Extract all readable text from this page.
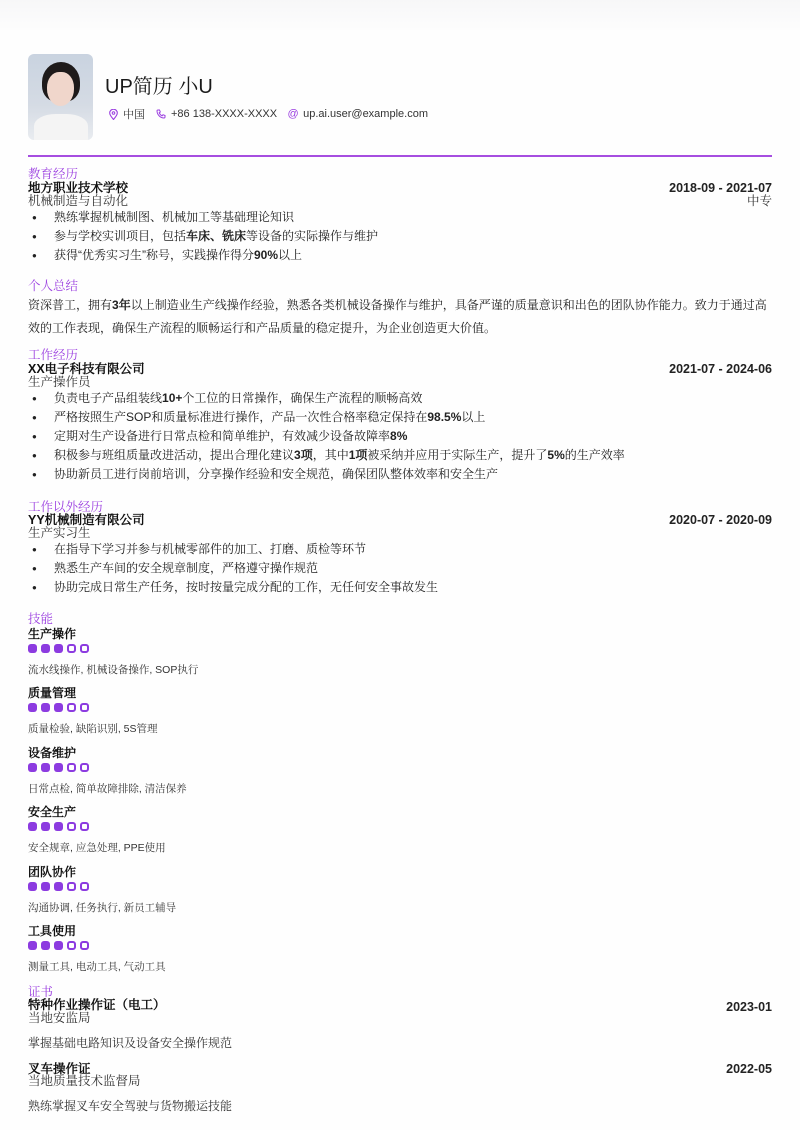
UP简历 小U
中国 +86 138-XXXX-XXXX @ up.ai.user@example.com
教育经历
地方职业技术学校	2018-09 - 2021-07
机械制造与自动化	中专
● 熟练掌握机械制图、机械加工等基础理论知识
● 参与学校实训项目，包括车床、铣床等设备的实际操作与维护
● 获得“优秀实习生”称号，实践操作得分90%以上
个人总结
资深普工，拥有3年以上制造业生产线操作经验，熟悉各类机械设备操作与维护，具备严谨的质量意识和出色的团队协作能力。致力于通过高效的工作表现，确保生产流程的顺畅运行和产品质量的稳定提升，为企业创造更大价值。
工作经历
XX电子科技有限公司	2021-07 - 2024-06
生产操作员
● 负责电子产品组装线10+个工位的日常操作，确保生产流程的顺畅高效
● 严格按照生产SOP和质量标准进行操作，产品一次性合格率稳定保持在98.5%以上
● 定期对生产设备进行日常点检和简单维护，有效减少设备故障率8%
● 积极参与班组质量改进活动，提出合理化建议3项，其中1项被采纳并应用于实际生产，提升了5%的生产效率
● 协助新员工进行岗前培训，分享操作经验和安全规范，确保团队整体效率和安全生产
工作以外经历
YY机械制造有限公司	2020-07 - 2020-09
生产实习生
● 在指导下学习并参与机械零部件的加工、打磨、质检等环节
● 熟悉生产车间的安全规章制度，严格遵守操作规范
● 协助完成日常生产任务，按时按量完成分配的工作，无任何安全事故发生
技能
生产操作
流水线操作, 机械设备操作, SOP执行
质量管理
质量检验, 缺陷识别, 5S管理
设备维护
日常点检, 简单故障排除, 清洁保养
安全生产
安全规章, 应急处理, PPE使用
团队协作
沟通协调, 任务执行, 新员工辅导
工具使用
测量工具, 电动工具, 气动工具
证书
特种作业操作证（电工）	2023-01
当地安监局
掌握基础电路知识及设备安全操作规范
叉车操作证	2022-05
当地质量技术监督局
熟练掌握叉车安全驾驶与货物搬运技能
